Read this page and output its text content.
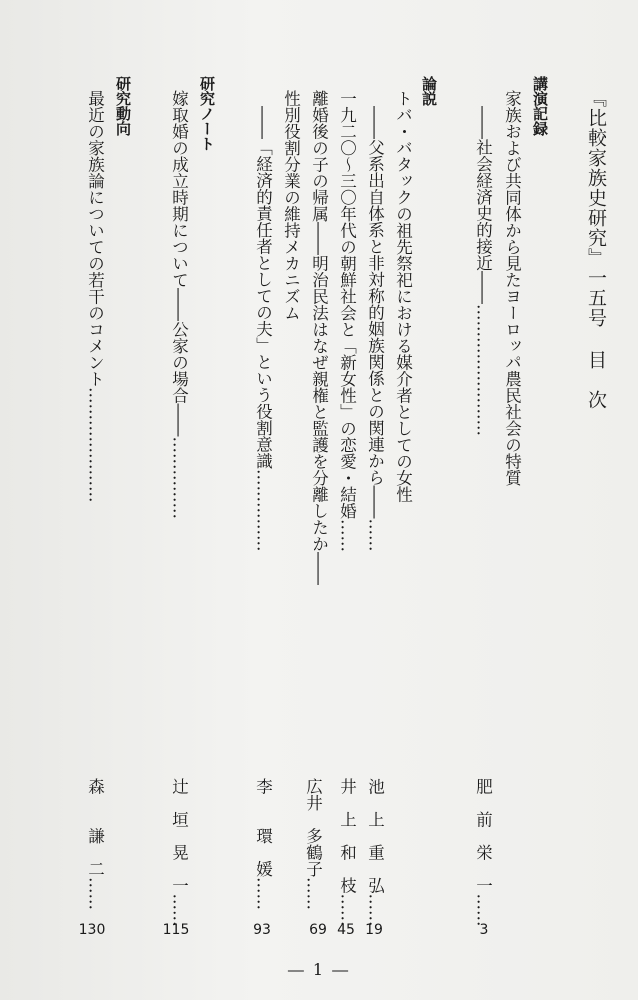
『比較家族史研究』一五号目　次
講演記録
家族および共同体から見たヨーロッパ農民社会の特質
――社会経済史的接近――……………………
肥　前　栄　一……
3
論説
トバ・バタックの祖先祭祀における媒介者としての女性
――父系出自体系と非対称的姻族関係との関連から――……
池　上　重　弘……
19
一九二〇～三〇年代の朝鮮社会と「新女性」の恋愛・結婚……
井　上　和　枝……
45
離婚後の子の帰属――明治民法はなぜ親権と監護を分離したか――
広井　多鶴子……
69
性別役割分業の維持メカニズム
――「経済的責任者としての夫」という役割意識……………
李　　環　媛……
93
研究ノート
嫁取婚の成立時期について――公家の場合――……………
辻　垣　晃　一……
115
研究動向
最近の家族論についての若干のコメント…………………
森　　謙　二……
130
― 1 ―
